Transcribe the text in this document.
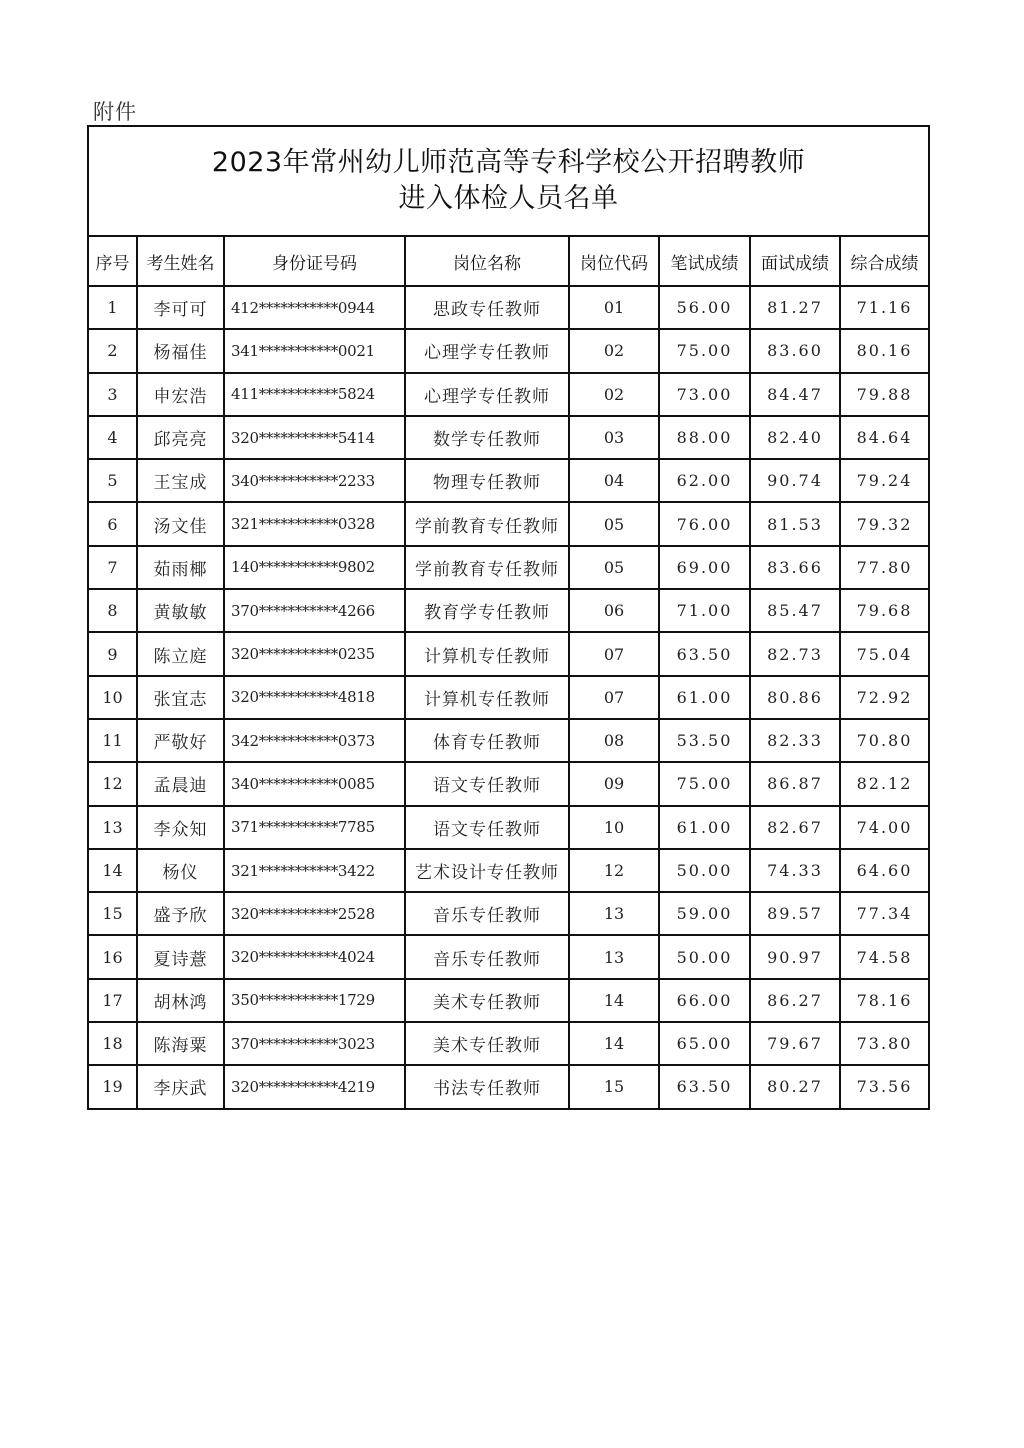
附件
2023年常州幼儿师范高等专科学校公开招聘教师
进入体检人员名单
序号	考生姓名	身份证号码	岗位名称	岗位代码	笔试成绩	面试成绩	综合成绩
1	李可可	412***********0944	思政专任教师	01	56.00	81.27	71.16
2	杨福佳	341***********0021	心理学专任教师	02	75.00	83.60	80.16
3	申宏浩	411***********5824	心理学专任教师	02	73.00	84.47	79.88
4	邱亮亮	320***********5414	数学专任教师	03	88.00	82.40	84.64
5	王宝成	340***********2233	物理专任教师	04	62.00	90.74	79.24
6	汤文佳	321***********0328	学前教育专任教师	05	76.00	81.53	79.32
7	茹雨椰	140***********9802	学前教育专任教师	05	69.00	83.66	77.80
8	黄敏敏	370***********4266	教育学专任教师	06	71.00	85.47	79.68
9	陈立庭	320***********0235	计算机专任教师	07	63.50	82.73	75.04
10	张宜志	320***********4818	计算机专任教师	07	61.00	80.86	72.92
11	严敬好	342***********0373	体育专任教师	08	53.50	82.33	70.80
12	孟晨迪	340***********0085	语文专任教师	09	75.00	86.87	82.12
13	李众知	371***********7785	语文专任教师	10	61.00	82.67	74.00
14	杨仪	321***********3422	艺术设计专任教师	12	50.00	74.33	64.60
15	盛予欣	320***********2528	音乐专任教师	13	59.00	89.57	77.34
16	夏诗薏	320***********4024	音乐专任教师	13	50.00	90.97	74.58
17	胡林鸿	350***********1729	美术专任教师	14	66.00	86.27	78.16
18	陈海粟	370***********3023	美术专任教师	14	65.00	79.67	73.80
19	李庆武	320***********4219	书法专任教师	15	63.50	80.27	73.56
